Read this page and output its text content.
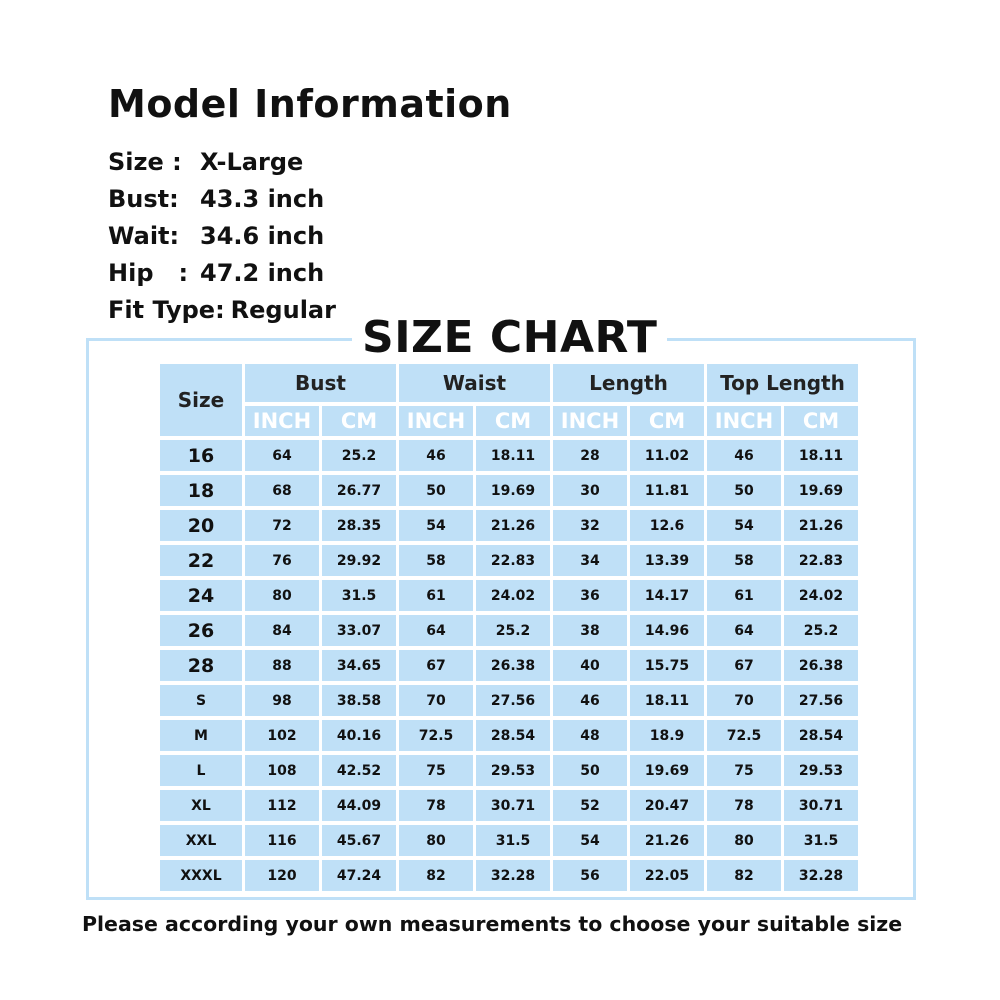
Model Information
Size : X-Large
Bust: 43.3 inch
Wait: 34.6 inch
Hip   : 47.2 inch
Fit Type: Regular
SIZE CHART
Size	Bust		Waist		Length		Top Length	
	INCH	CM	INCH	CM	INCH	CM	INCH	CM
16	64	25.2	46	18.11	28	11.02	46	18.11
18	68	26.77	50	19.69	30	11.81	50	19.69
20	72	28.35	54	21.26	32	12.6	54	21.26
22	76	29.92	58	22.83	34	13.39	58	22.83
24	80	31.5	61	24.02	36	14.17	61	24.02
26	84	33.07	64	25.2	38	14.96	64	25.2
28	88	34.65	67	26.38	40	15.75	67	26.38
S	98	38.58	70	27.56	46	18.11	70	27.56
M	102	40.16	72.5	28.54	48	18.9	72.5	28.54
L	108	42.52	75	29.53	50	19.69	75	29.53
XL	112	44.09	78	30.71	52	20.47	78	30.71
XXL	116	45.67	80	31.5	54	21.26	80	31.5
XXXL	120	47.24	82	32.28	56	22.05	82	32.28
Please according your own measurements to choose your suitable size
